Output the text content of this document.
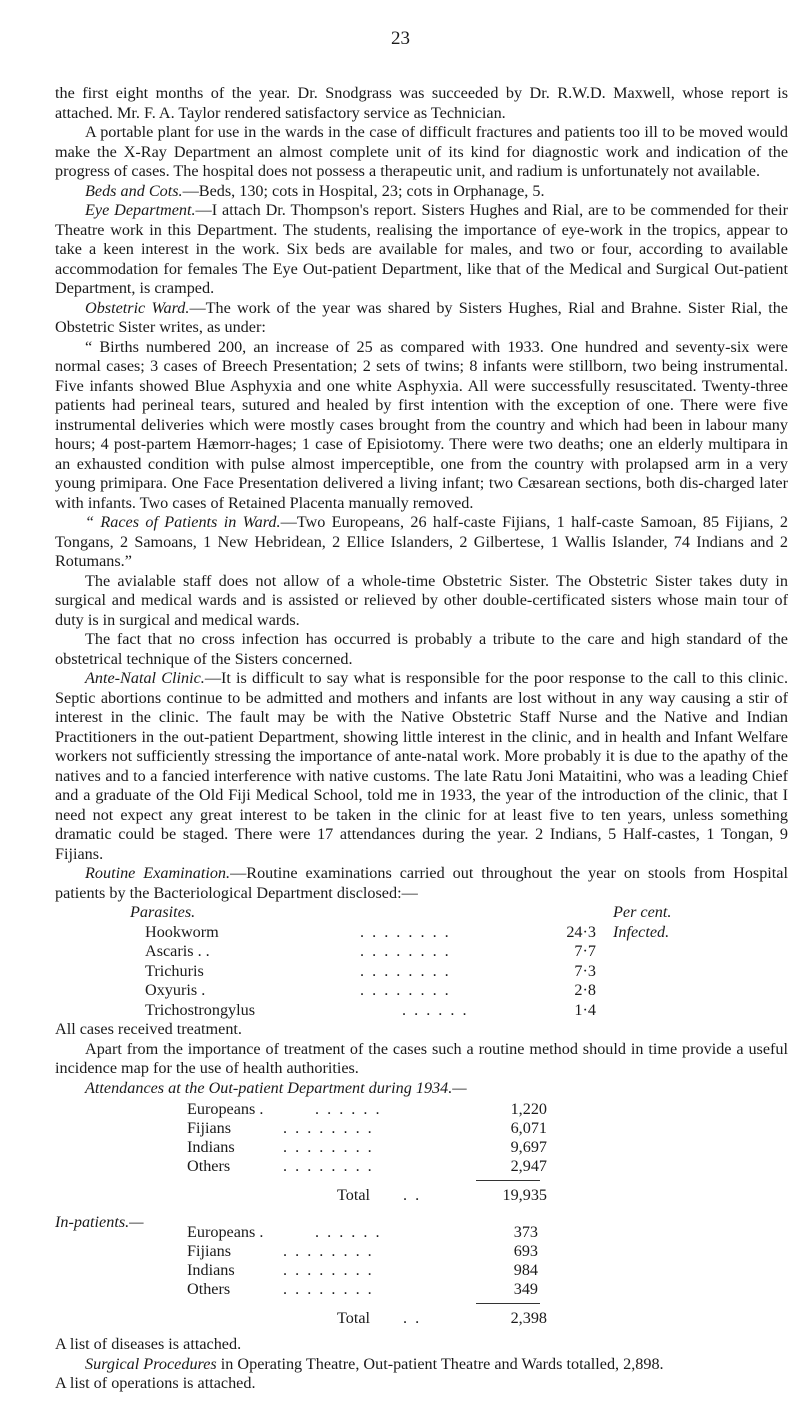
23

the first eight months of the year. Dr. Snodgrass was succeeded by Dr. R.W.D. Maxwell, whose report is attached. Mr. F. A. Taylor rendered satisfactory service as Technician.

A portable plant for use in the wards in the case of difficult fractures and patients too ill to be moved would make the X-Ray Department an almost complete unit of its kind for diagnostic work and indication of the progress of cases. The hospital does not possess a therapeutic unit, and radium is unfortunately not available.

Beds and Cots.—Beds, 130; cots in Hospital, 23; cots in Orphanage, 5.

Eye Department.—I attach Dr. Thompson's report. Sisters Hughes and Rial, are to be commended for their Theatre work in this Department. The students, realising the importance of eye-work in the tropics, appear to take a keen interest in the work. Six beds are available for males, and two or four, according to available accommodation for females The Eye Out-patient Department, like that of the Medical and Surgical Out-patient Department, is cramped.

Obstetric Ward.—The work of the year was shared by Sisters Hughes, Rial and Brahne. Sister Rial, the Obstetric Sister writes, as under:

“ Births numbered 200, an increase of 25 as compared with 1933. One hundred and seventy-six were normal cases; 3 cases of Breech Presentation; 2 sets of twins; 8 infants were stillborn, two being instrumental. Five infants showed Blue Asphyxia and one white Asphyxia. All were successfully resuscitated. Twenty-three patients had perineal tears, sutured and healed by first intention with the exception of one. There were five instrumental deliveries which were mostly cases brought from the country and which had been in labour many hours; 4 post-partem Hæmorr-hages; 1 case of Episiotomy. There were two deaths; one an elderly multipara in an exhausted condition with pulse almost imperceptible, one from the country with prolapsed arm in a very young primipara. One Face Presentation delivered a living infant; two Cæsarean sections, both dis-charged later with infants. Two cases of Retained Placenta manually removed.

“ Races of Patients in Ward.—Two Europeans, 26 half-caste Fijians, 1 half-caste Samoan, 85 Fijians, 2 Tongans, 2 Samoans, 1 New Hebridean, 2 Ellice Islanders, 2 Gilbertese, 1 Wallis Islander, 74 Indians and 2 Rotumans.”

The avialable staff does not allow of a whole-time Obstetric Sister. The Obstetric Sister takes duty in surgical and medical wards and is assisted or relieved by other double-certificated sisters whose main tour of duty is in surgical and medical wards.

The fact that no cross infection has occurred is probably a tribute to the care and high standard of the obstetrical technique of the Sisters concerned.

Ante-Natal Clinic.—It is difficult to say what is responsible for the poor response to the call to this clinic. Septic abortions continue to be admitted and mothers and infants are lost without in any way causing a stir of interest in the clinic. The fault may be with the Native Obstetric Staff Nurse and the Native and Indian Practitioners in the out-patient Department, showing little interest in the clinic, and in health and Infant Welfare workers not sufficiently stressing the importance of ante-natal work. More probably it is due to the apathy of the natives and to a fancied interference with native customs. The late Ratu Joni Mataitini, who was a leading Chief and a graduate of the Old Fiji Medical School, told me in 1933, the year of the introduction of the clinic, that I need not expect any great interest to be taken in the clinic for at least five to ten years, unless something dramatic could be staged. There were 17 attendances during the year. 2 Indians, 5 Half-castes, 1 Tongan, 9 Fijians.

Routine Examination.—Routine examinations carried out throughout the year on stools from Hospital patients by the Bacteriological Department disclosed:—

Parasites.	Per cent. Infected.
Hookworm	. . . . . . . .	24·3
Ascaris . .	. . . . . . . .	7·7
Trichuris	. . . . . . . .	7·3
Oxyuris .	. . . . . . . .	2·8
Trichostrongylus	. . . . . .	1·4

All cases received treatment.

Apart from the importance of treatment of the cases such a routine method should in time provide a useful incidence map for the use of health authorities.

Attendances at the Out-patient Department during 1934.—

Europeans .	. . . . . .	1,220
Fijians	. . . . . . . .	6,071
Indians	. . . . . . . .	9,697
Others	. . . . . . . .	2,947
Total . .	19,935
In-patients.—
Europeans .	. . . . . .	373
Fijians	. . . . . . . .	693
Indians	. . . . . . . .	984
Others	. . . . . . . .	349
Total . .	2,398

A list of diseases is attached.

Surgical Procedures in Operating Theatre, Out-patient Theatre and Wards totalled, 2,898.

A list of operations is attached.
